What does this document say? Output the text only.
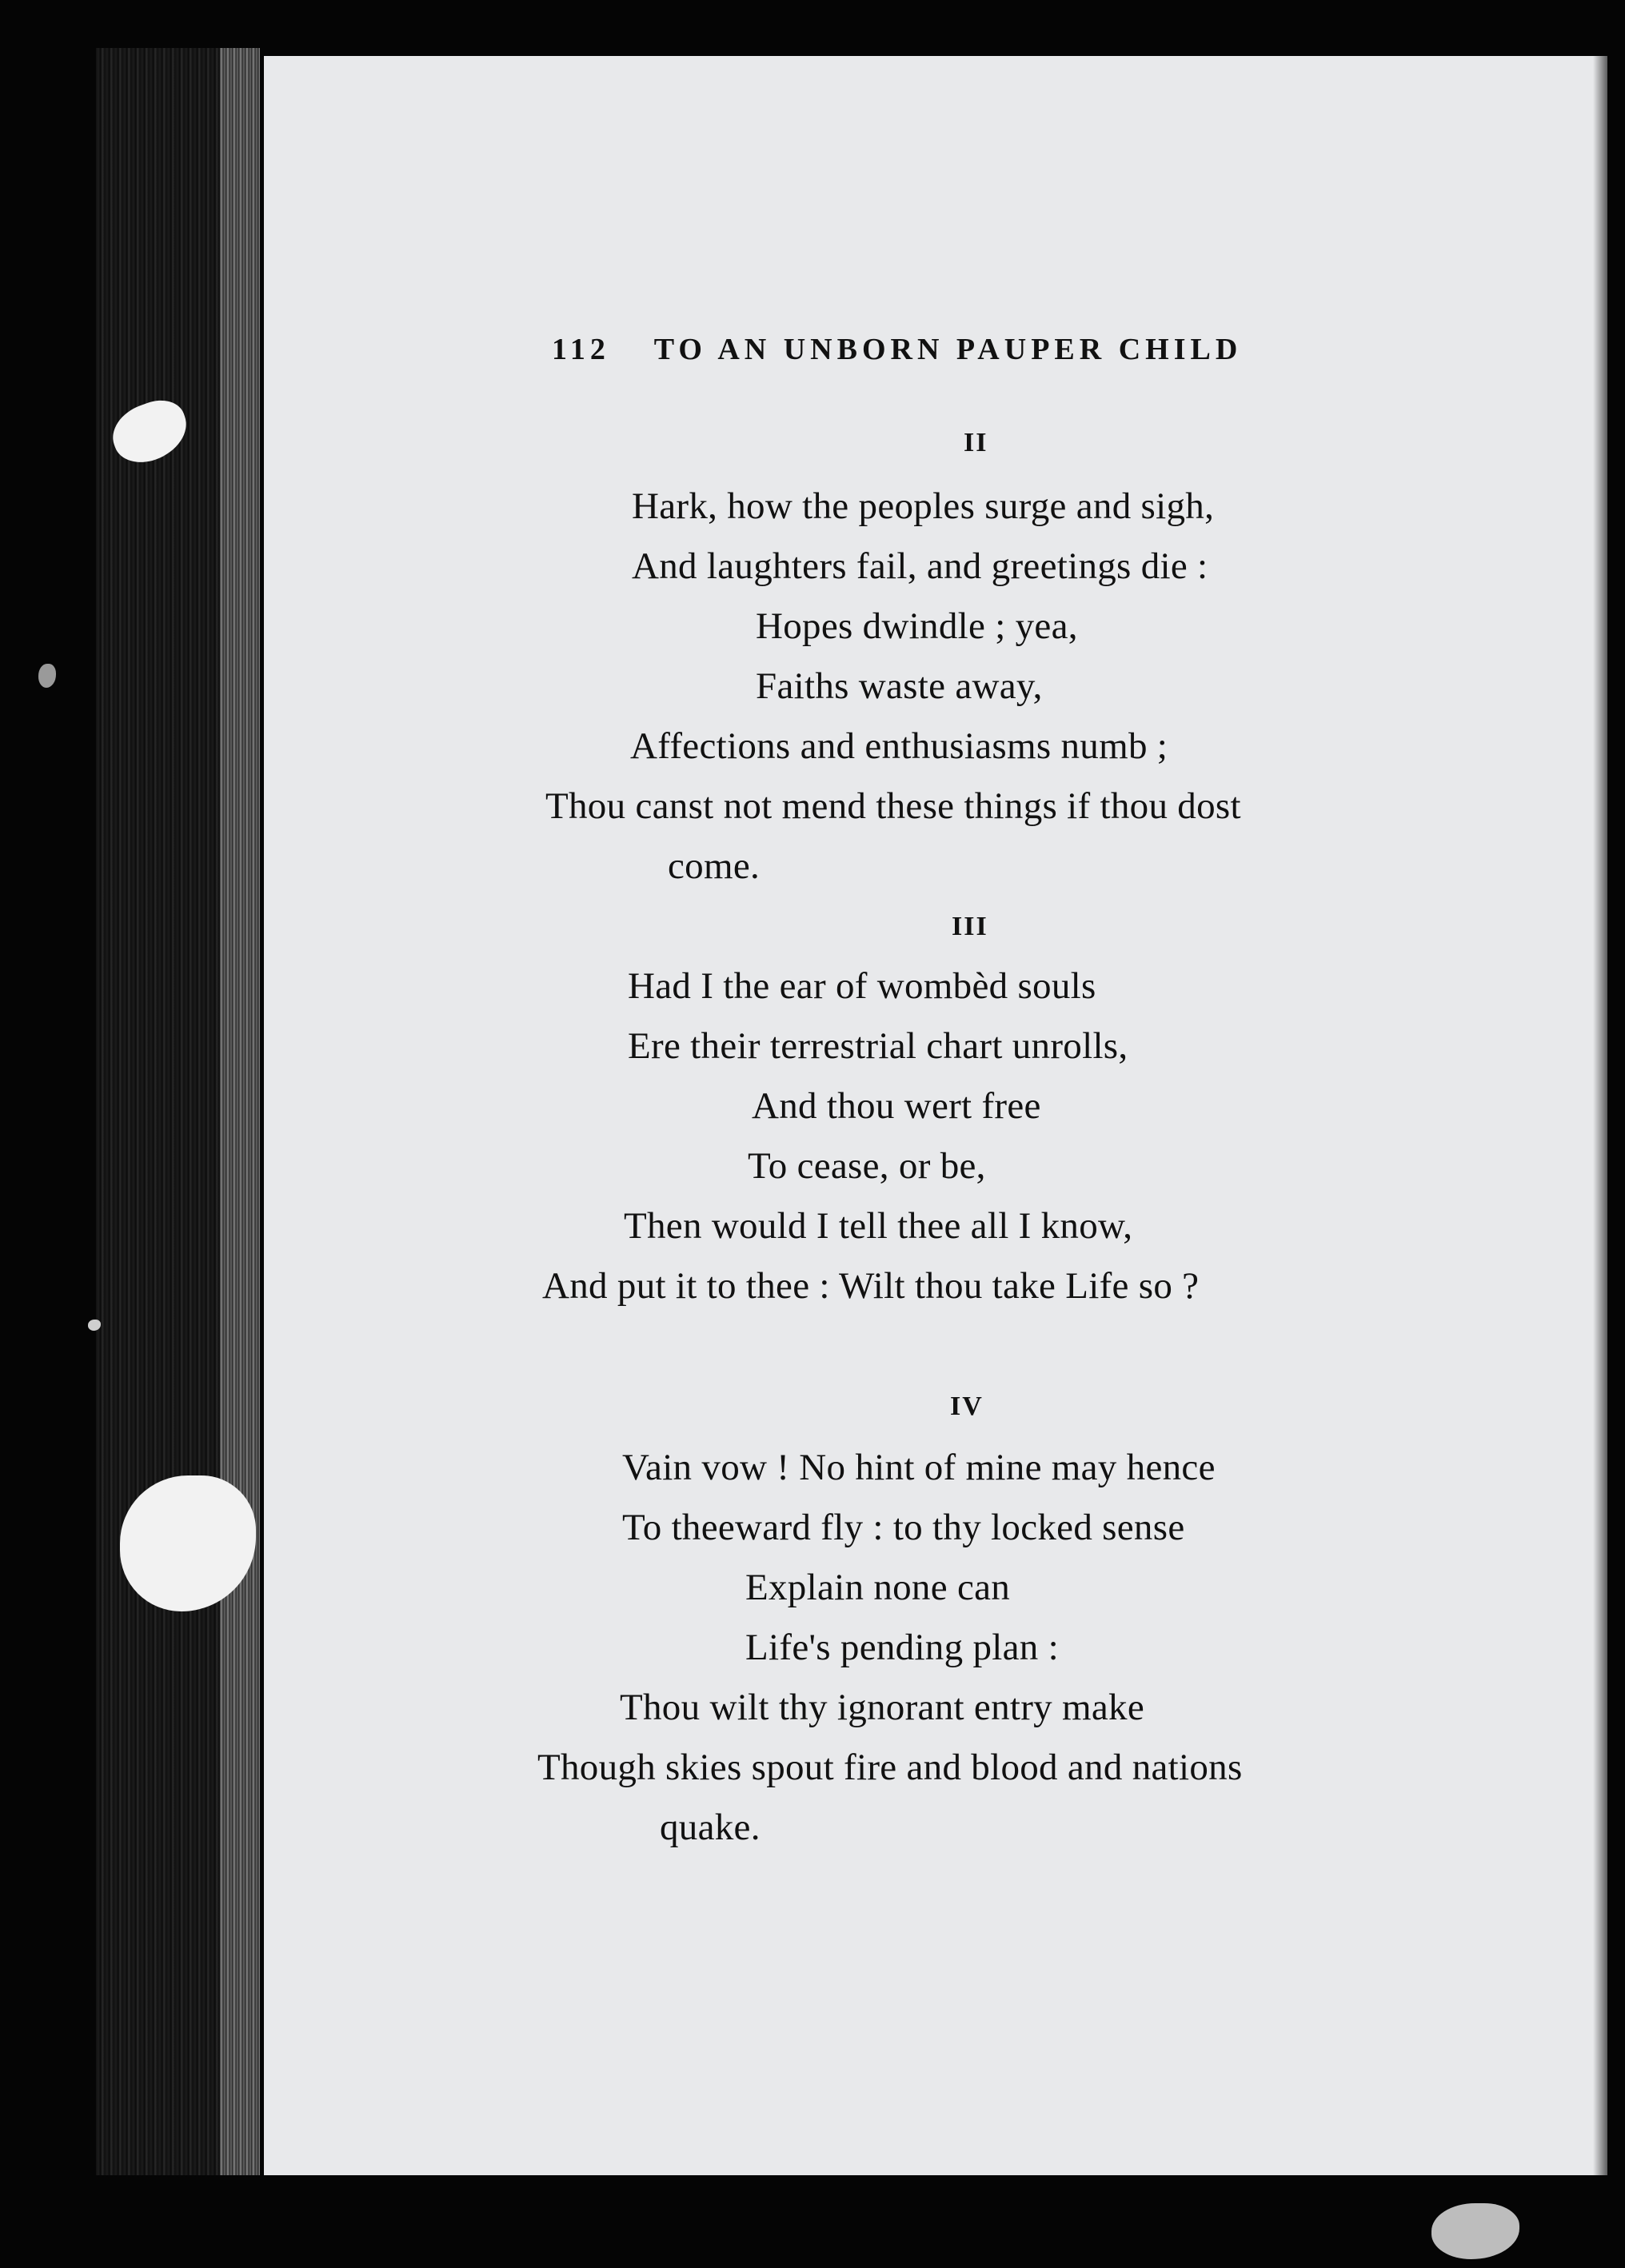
112 TO AN UNBORN PAUPER CHILD
II
Hark, how the peoples surge and sigh,
And laughters fail, and greetings die :
Hopes dwindle ; yea,
Faiths waste away,
Affections and enthusiasms numb ;
Thou canst not mend these things if thou dost
come.
III
Had I the ear of wombèd souls
Ere their terrestrial chart unrolls,
And thou wert free
To cease, or be,
Then would I tell thee all I know,
And put it to thee : Wilt thou take Life so ?
IV
Vain vow ! No hint of mine may hence
To theeward fly : to thy locked sense
Explain none can
Life's pending plan :
Thou wilt thy ignorant entry make
Though skies spout fire and blood and nations
quake.
